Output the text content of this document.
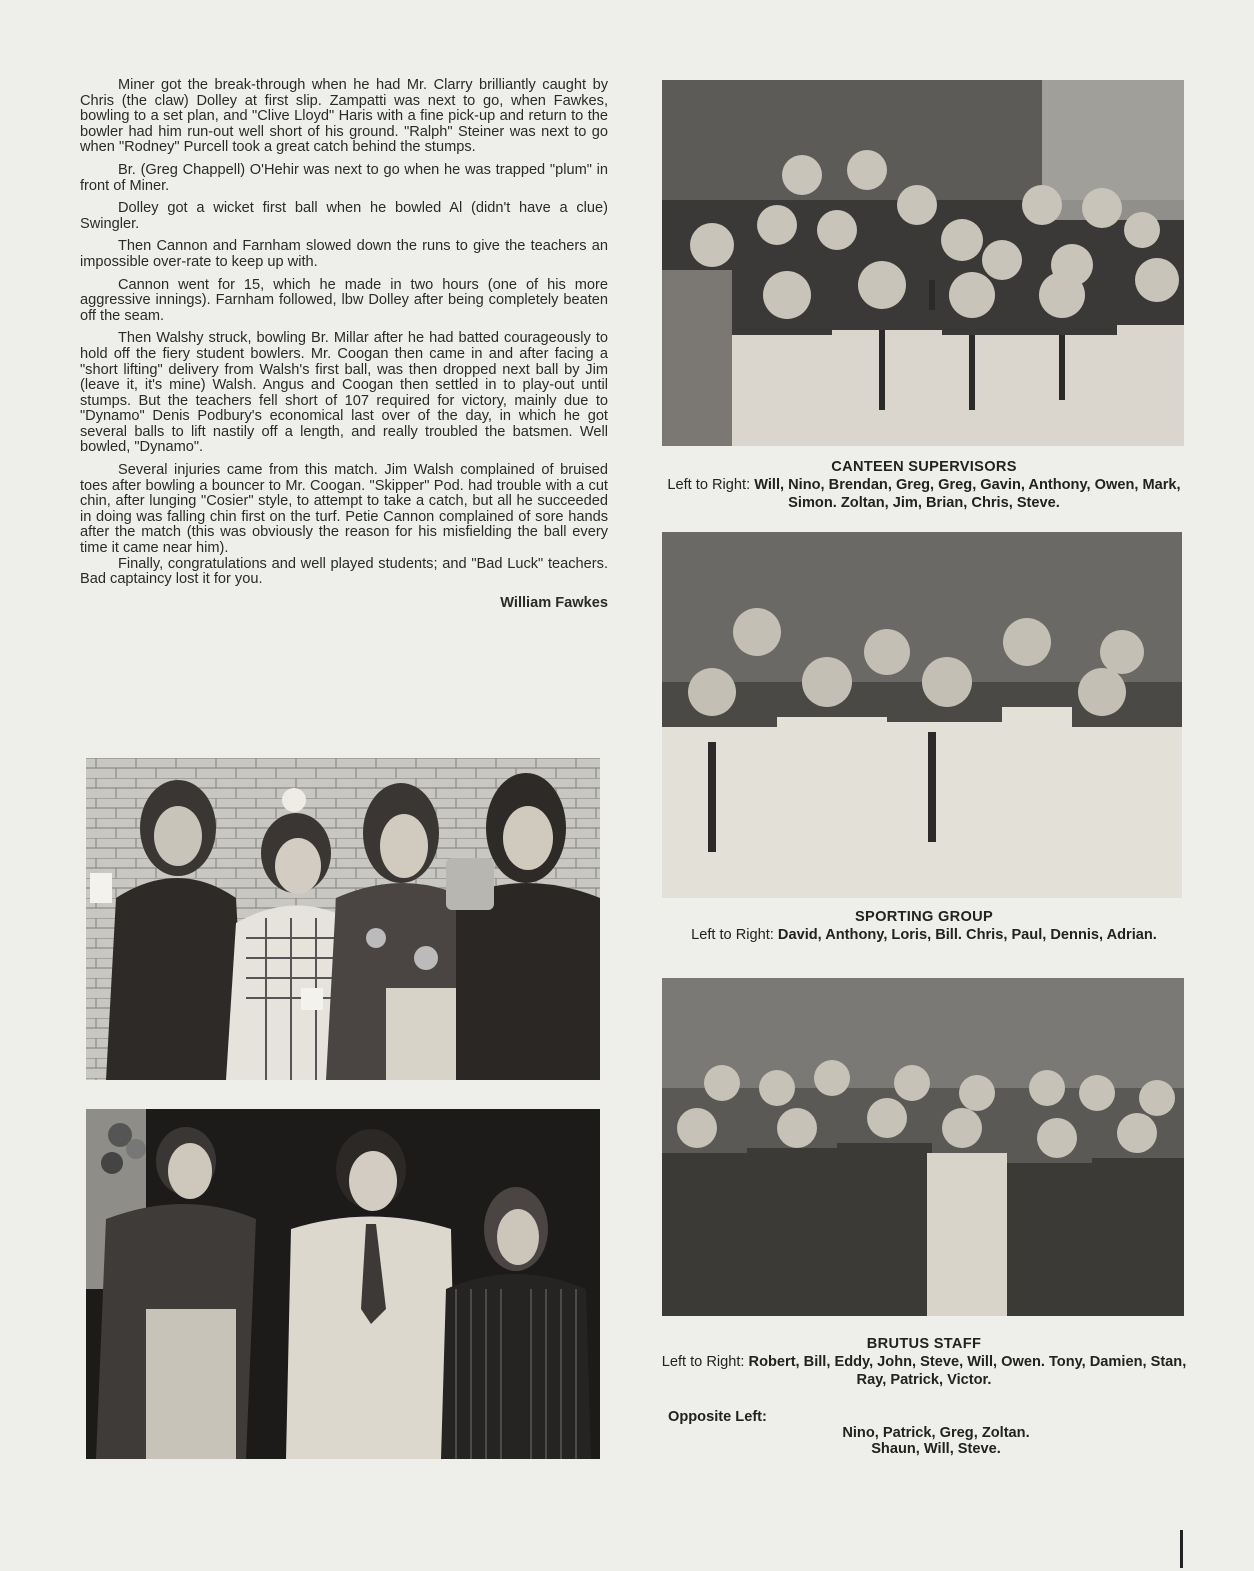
Miner got the break-through when he had Mr. Clarry brilliantly caught by Chris (the claw) Dolley at first slip. Zampatti was next to go, when Fawkes, bowling to a set plan, and "Clive Lloyd" Haris with a fine pick-up and return to the bowler had him run-out well short of his ground. "Ralph" Steiner was next to go when "Rodney" Purcell took a great catch behind the stumps.

Br. (Greg Chappell) O'Hehir was next to go when he was trapped "plum" in front of Miner.

Dolley got a wicket first ball when he bowled Al (didn't have a clue) Swingler.

Then Cannon and Farnham slowed down the runs to give the teachers an impossible over-rate to keep up with.

Cannon went for 15, which he made in two hours (one of his more aggressive innings). Farnham followed, lbw Dolley after being completely beaten off the seam.

Then Walshy struck, bowling Br. Millar after he had batted courageously to hold off the fiery student bowlers. Mr. Coogan then came in and after facing a "short lifting" delivery from Walsh's first ball, was then dropped next ball by Jim (leave it, it's mine) Walsh. Angus and Coogan then settled in to play-out until stumps. But the teachers fell short of 107 required for victory, mainly due to "Dynamo" Denis Podbury's economical last over of the day, in which he got several balls to lift nastily off a length, and really troubled the batsmen. Well bowled, "Dynamo".

Several injuries came from this match. Jim Walsh complained of bruised toes after bowling a bouncer to Mr. Coogan. "Skipper" Pod. had trouble with a cut chin, after lunging "Cosier" style, to attempt to take a catch, but all he succeeded in doing was falling chin first on the turf. Petie Cannon complained of sore hands after the match (this was obviously the reason for his misfielding the ball every time it came near him).

Finally, congratulations and well played students; and "Bad Luck" teachers. Bad captaincy lost it for you.

William Fawkes
CANTEEN SUPERVISORS
Left to Right: Will, Nino, Brendan, Greg, Greg, Gavin, Anthony, Owen, Mark, Simon. Zoltan, Jim, Brian, Chris, Steve.
SPORTING GROUP
Left to Right: David, Anthony, Loris, Bill. Chris, Paul, Dennis, Adrian.
BRUTUS STAFF
Left to Right: Robert, Bill, Eddy, John, Steve, Will, Owen. Tony, Damien, Stan, Ray, Patrick, Victor.
Opposite Left:
Nino, Patrick, Greg, Zoltan.
Shaun, Will, Steve.
